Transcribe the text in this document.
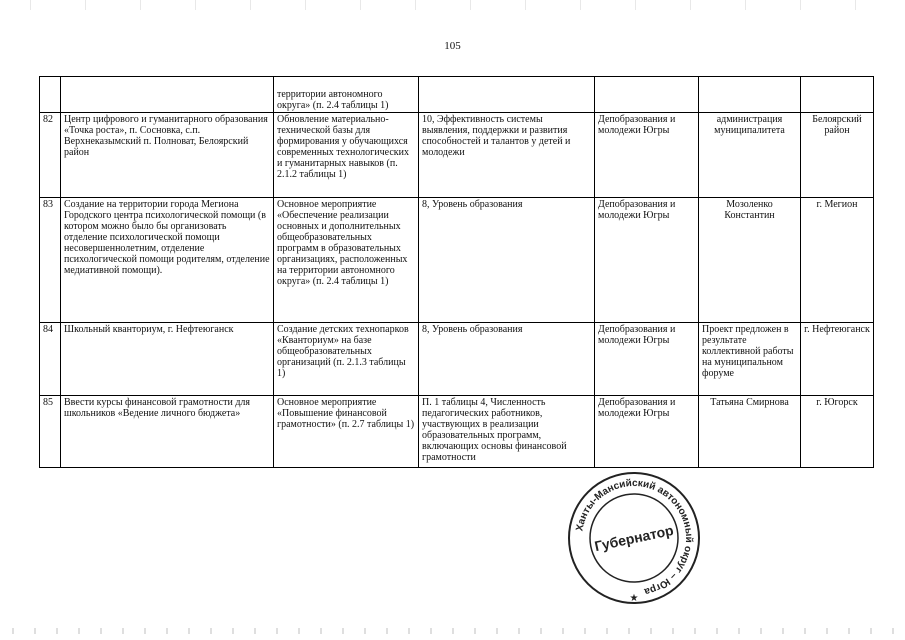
105
		территории автономного округа» (п. 2.4 таблицы 1)				
82	Центр цифрового и гуманитарного образования «Точка роста», п. Сосновка, с.п. Верхнеказымский п. Полноват, Белоярский район	Обновление материально-технической базы для формирования у обучающихся современных технологических и гуманитарных навыков (п. 2.1.2 таблицы 1)	10, Эффективность системы выявления, поддержки и развития способностей и талантов у детей и молодежи	Депобразования и молодежи Югры	администрация муниципалитета	Белоярский район
83	Создание на территории города Мегиона Городского центра психологической помощи (в котором можно было бы организовать отделение психологической помощи несовершеннолетним, отделение психологической помощи родителям, отделение медиативной помощи).	Основное мероприятие «Обеспечение реализации основных и дополнительных общеобразовательных программ в образовательных организациях, расположенных на территории автономного округа» (п. 2.4 таблицы 1)	8, Уровень образования	Депобразования и молодежи Югры	Мозоленко Константин	г. Мегион
84	Школьный кванториум, г. Нефтеюганск	Создание детских технопарков «Кванториум» на базе общеобразовательных организаций (п. 2.1.3 таблицы 1)	8, Уровень образования	Депобразования и молодежи Югры	Проект предложен в результате коллективной работы на муниципальном форуме	г. Нефтеюганск
85	Ввести курсы финансовой грамотности для школьников «Ведение личного бюджета»	Основное мероприятие «Повышение финансовой грамотности» (п. 2.7 таблицы 1)	П. 1 таблицы 4, Численность педагогических работников, участвующих в реализации образовательных программ, включающих основы финансовой грамотности	Депобразования и молодежи Югры	Татьяна Смирнова	г. Югорск
Ханты-Мансийский автономный округ – Югра
Губернатор
★
